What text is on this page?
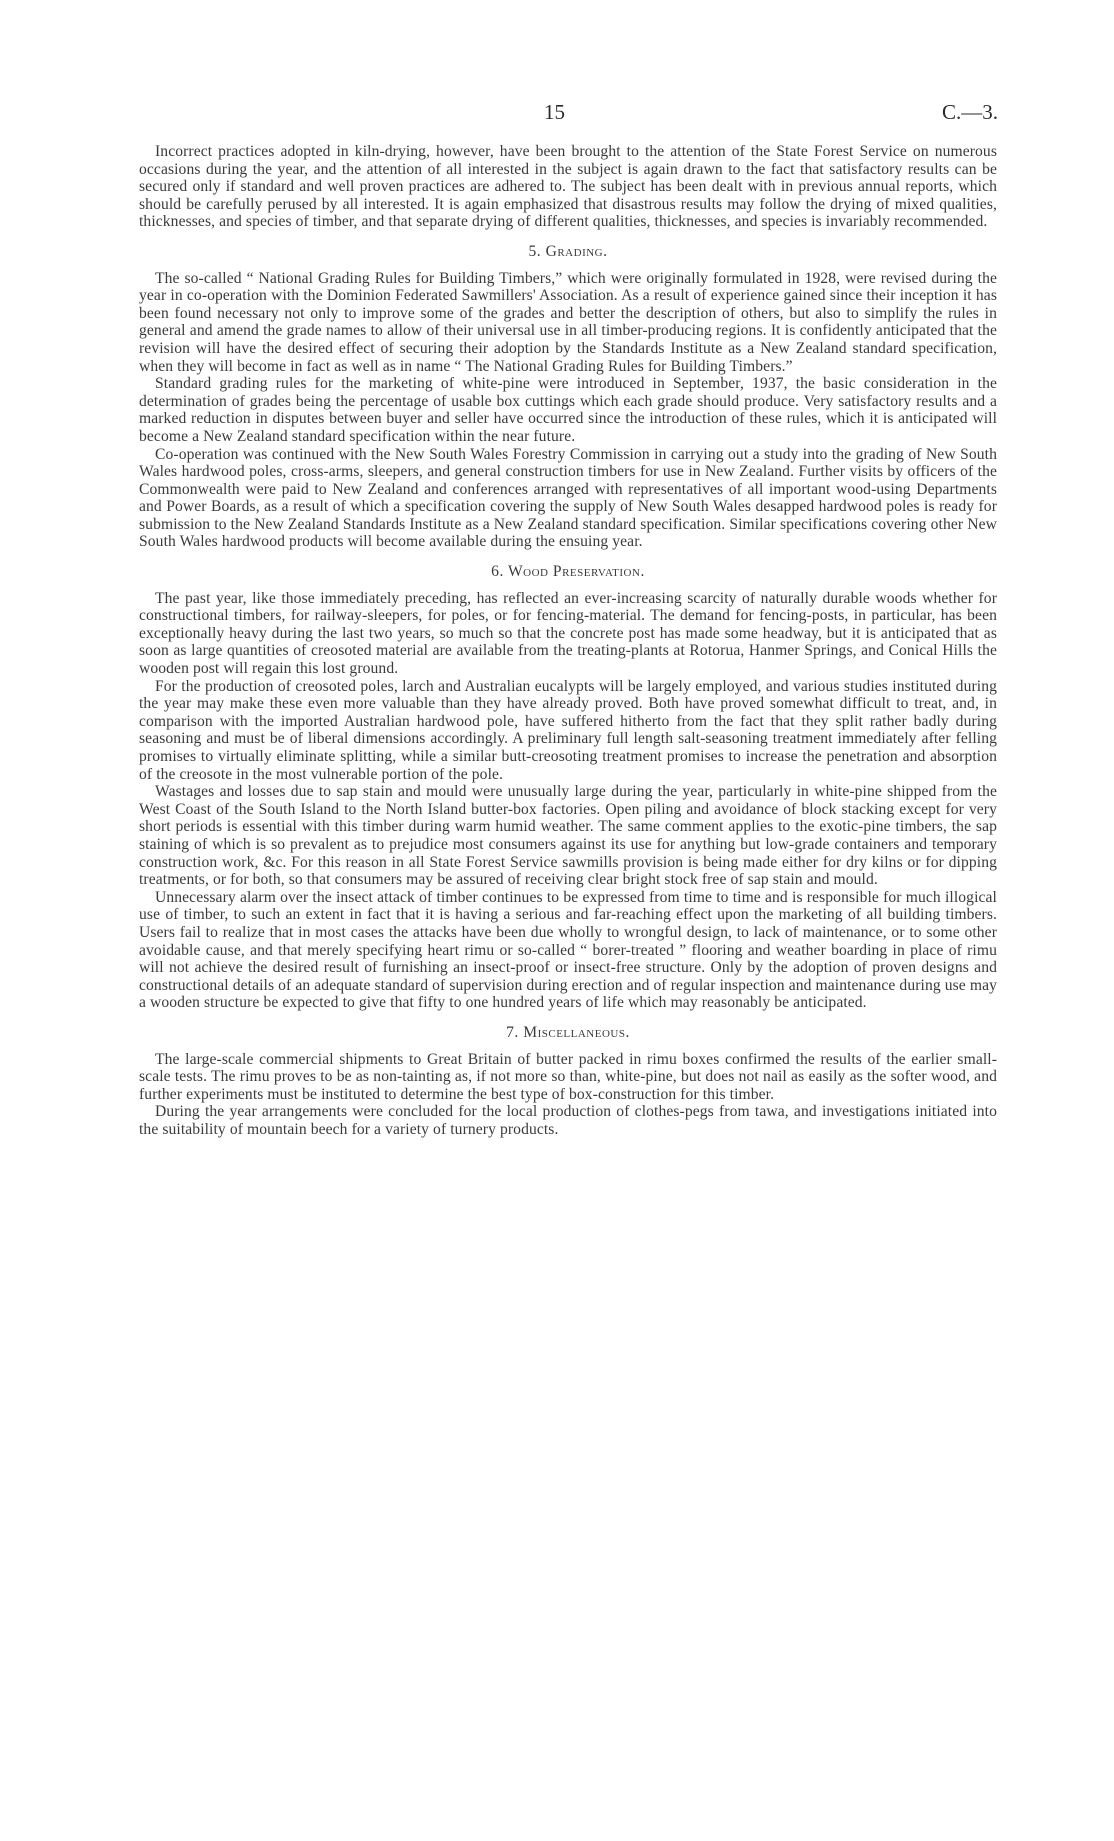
15	C.—3.

Incorrect practices adopted in kiln-drying, however, have been brought to the attention of the State Forest Service on numerous occasions during the year, and the attention of all interested in the subject is again drawn to the fact that satisfactory results can be secured only if standard and well proven practices are adhered to. The subject has been dealt with in previous annual reports, which should be carefully perused by all interested. It is again emphasized that disastrous results may follow the drying of mixed qualities, thicknesses, and species of timber, and that separate drying of different qualities, thicknesses, and species is invariably recommended.

5. Grading.

The so-called “ National Grading Rules for Building Timbers,” which were originally formulated in 1928, were revised during the year in co-operation with the Dominion Federated Sawmillers' Association. As a result of experience gained since their inception it has been found necessary not only to improve some of the grades and better the description of others, but also to simplify the rules in general and amend the grade names to allow of their universal use in all timber-producing regions. It is confidently anticipated that the revision will have the desired effect of securing their adoption by the Standards Institute as a New Zealand standard specification, when they will become in fact as well as in name “ The National Grading Rules for Building Timbers.”

Standard grading rules for the marketing of white-pine were introduced in September, 1937, the basic consideration in the determination of grades being the percentage of usable box cuttings which each grade should produce. Very satisfactory results and a marked reduction in disputes between buyer and seller have occurred since the introduction of these rules, which it is anticipated will become a New Zealand standard specification within the near future.

Co-operation was continued with the New South Wales Forestry Commission in carrying out a study into the grading of New South Wales hardwood poles, cross-arms, sleepers, and general construction timbers for use in New Zealand. Further visits by officers of the Commonwealth were paid to New Zealand and conferences arranged with representatives of all important wood-using Departments and Power Boards, as a result of which a specification covering the supply of New South Wales desapped hardwood poles is ready for submission to the New Zealand Standards Institute as a New Zealand standard specification. Similar specifications covering other New South Wales hardwood products will become available during the ensuing year.

6. Wood Preservation.

The past year, like those immediately preceding, has reflected an ever-increasing scarcity of naturally durable woods whether for constructional timbers, for railway-sleepers, for poles, or for fencing-material. The demand for fencing-posts, in particular, has been exceptionally heavy during the last two years, so much so that the concrete post has made some headway, but it is anticipated that as soon as large quantities of creosoted material are available from the treating-plants at Rotorua, Hanmer Springs, and Conical Hills the wooden post will regain this lost ground.

For the production of creosoted poles, larch and Australian eucalypts will be largely employed, and various studies instituted during the year may make these even more valuable than they have already proved. Both have proved somewhat difficult to treat, and, in comparison with the imported Australian hardwood pole, have suffered hitherto from the fact that they split rather badly during seasoning and must be of liberal dimensions accordingly. A preliminary full length salt-seasoning treatment immediately after felling promises to virtually eliminate splitting, while a similar butt-creosoting treatment promises to increase the penetration and absorption of the creosote in the most vulnerable portion of the pole.

Wastages and losses due to sap stain and mould were unusually large during the year, particularly in white-pine shipped from the West Coast of the South Island to the North Island butter-box factories. Open piling and avoidance of block stacking except for very short periods is essential with this timber during warm humid weather. The same comment applies to the exotic-pine timbers, the sap staining of which is so prevalent as to prejudice most consumers against its use for anything but low-grade containers and temporary construction work, &c. For this reason in all State Forest Service sawmills provision is being made either for dry kilns or for dipping treatments, or for both, so that consumers may be assured of receiving clear bright stock free of sap stain and mould.

Unnecessary alarm over the insect attack of timber continues to be expressed from time to time and is responsible for much illogical use of timber, to such an extent in fact that it is having a serious and far-reaching effect upon the marketing of all building timbers. Users fail to realize that in most cases the attacks have been due wholly to wrongful design, to lack of maintenance, or to some other avoidable cause, and that merely specifying heart rimu or so-called “ borer-treated ” flooring and weather boarding in place of rimu will not achieve the desired result of furnishing an insect-proof or insect-free structure. Only by the adoption of proven designs and constructional details of an adequate standard of supervision during erection and of regular inspection and maintenance during use may a wooden structure be expected to give that fifty to one hundred years of life which may reasonably be anticipated.

7. Miscellaneous.

The large-scale commercial shipments to Great Britain of butter packed in rimu boxes confirmed the results of the earlier small-scale tests. The rimu proves to be as non-tainting as, if not more so than, white-pine, but does not nail as easily as the softer wood, and further experiments must be instituted to determine the best type of box-construction for this timber.

During the year arrangements were concluded for the local production of clothes-pegs from tawa, and investigations initiated into the suitability of mountain beech for a variety of turnery products.
